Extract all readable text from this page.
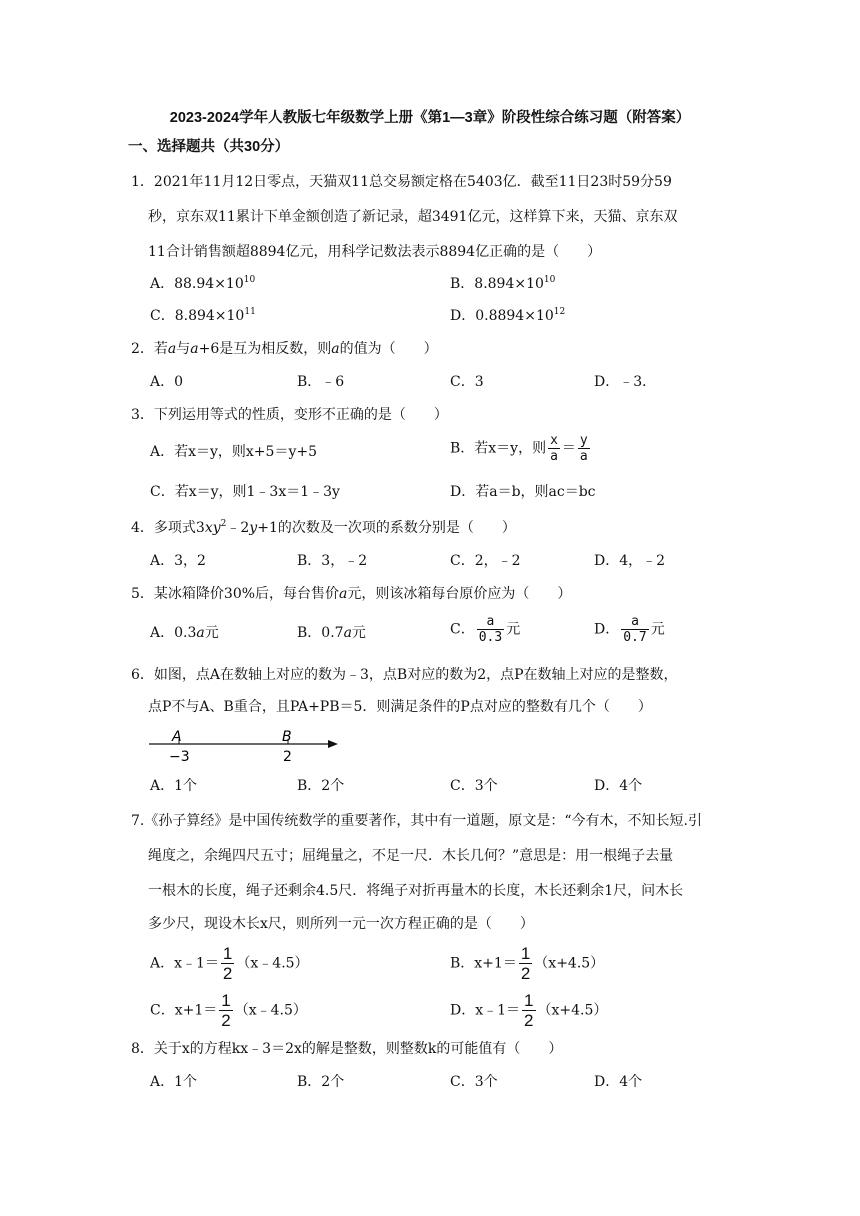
2023-2024学年人教版七年级数学上册《第1—3章》阶段性综合练习题（附答案）
一、选择题共（共30分）
1．2021年11月12日零点，天猫双11总交易额定格在5403亿．截至11日23时59分59
秒，京东双11累计下单金额创造了新记录，超3491亿元，这样算下来，天猫、京东双
11合计销售额超8894亿元，用科学记数法表示8894亿正确的是（　　）
A．$88.94\times 10^{10}$	B．$8.894\times 10^{10}$
C．$8.894\times 10^{11}$	D．$0.8894\times 10^{12}$
2．若a与a+6是互为相反数，则a的值为（　　）
A．0	B．﹣6	C．3	D．﹣3．
3．下列运用等式的性质，变形不正确的是（　　）
A．若x＝y，则x+5＝y+5	B．若x＝y，则 $\frac{x}{a} = \frac{y}{a}$
C．若x＝y，则1﹣3x＝1﹣3y	D．若a＝b，则ac＝bc
4．多项式$3xy^2﹣2y+1$的次数及一次项的系数分别是（　　）
A．3，2	B．3，﹣2	C．2，﹣2	D．4，﹣2
5．某冰箱降价30%后，每台售价a元，则该冰箱每台原价应为（　　）
A．0.3a元	B．0.7a元	C． $\frac{a}{0.3}$ 元	D． $\frac{a}{0.7}$ 元
6．如图，点A在数轴上对应的数为﹣3，点B对应的数为2，点P在数轴上对应的是整数，
点P不与A、B重合，且PA+PB＝5．则满足条件的P点对应的整数有几个（　　）
A	B
−3	2
A．1个	B．2个	C．3个	D．4个
7.《孙子算经》是中国传统数学的重要著作，其中有一道题，原文是：“今有木，不知长短.引
绳度之，余绳四尺五寸；屈绳量之，不足一尺．木长几何？”意思是：用一根绳子去量
一根木的长度，绳子还剩余4.5尺．将绳子对折再量木的长度，木长还剩余1尺，问木长
多少尺，现设木长x尺，则所列一元一次方程正确的是（　　）
A．x﹣1＝ $\frac{1}{2}$ （x﹣4.5）	B．$x+1= \frac{1}{2} (x+4.5)$
C．$x+1= \frac{1}{2}$ （x﹣4.5）	D．x﹣1＝ $\frac{1}{2} (x+4.5)$
8．关于x的方程kx﹣3＝2x的解是整数，则整数k的可能值有（　　）
A．1个	B．2个	C．3个	D．4个
